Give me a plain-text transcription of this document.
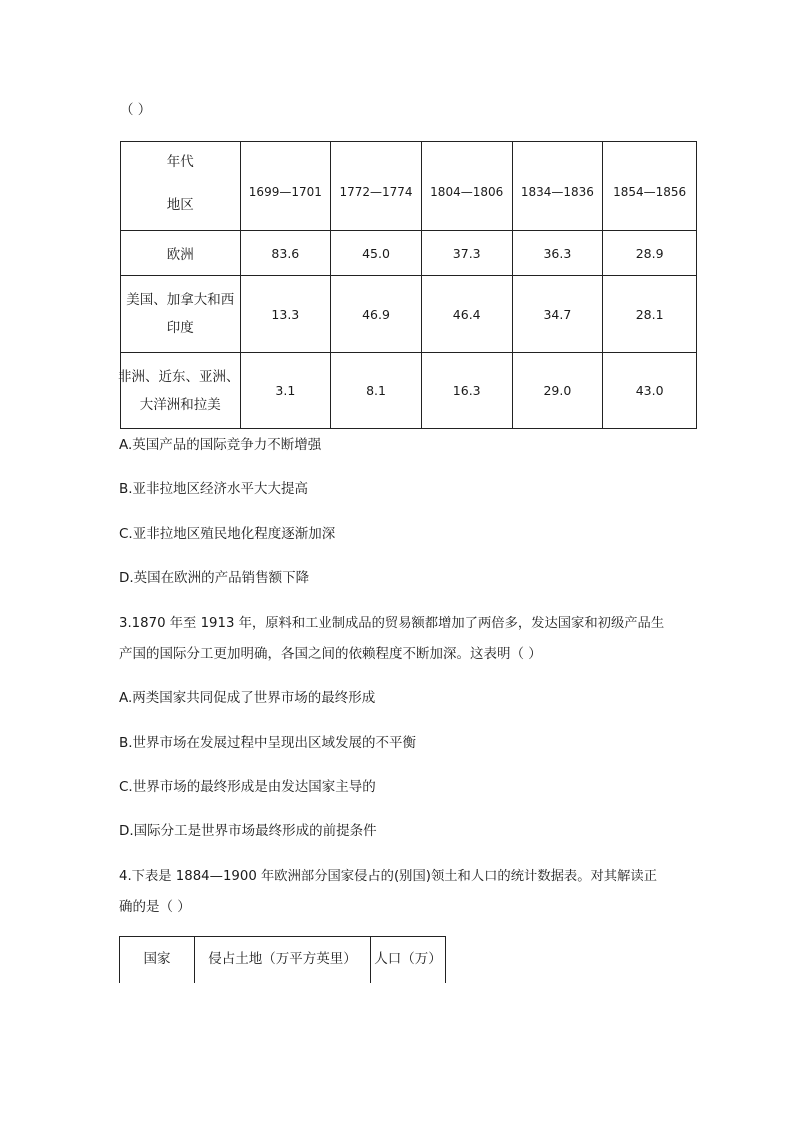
（ ）
年代
地区	1699—1701	1772—1774	1804—1806	1834—1836	1854—1856
欧洲	83.6	45.0	37.3	36.3	28.9

美国、加拿大和西
印度	13.3	46.9	46.4	34.7	28.1

非洲、近东、亚洲、
大洋洲和拉美	3.1	8.1	16.3	29.0	43.0
A.英国产品的国际竞争力不断增强
B.亚非拉地区经济水平大大提高
C.亚非拉地区殖民地化程度逐渐加深
D.英国在欧洲的产品销售额下降
3.1870 年至 1913 年，原料和工业制成品的贸易额都增加了两倍多，发达国家和初级产品生
产国的国际分工更加明确，各国之间的依赖程度不断加深。这表明（ ）
A.两类国家共同促成了世界市场的最终形成
B.世界市场在发展过程中呈现出区域发展的不平衡
C.世界市场的最终形成是由发达国家主导的
D.国际分工是世界市场最终形成的前提条件
4.下表是 1884—1900 年欧洲部分国家侵占的(别国)领土和人口的统计数据表。对其解读正
确的是（ ）
国家	侵占土地（万平方英里）	人口（万）
